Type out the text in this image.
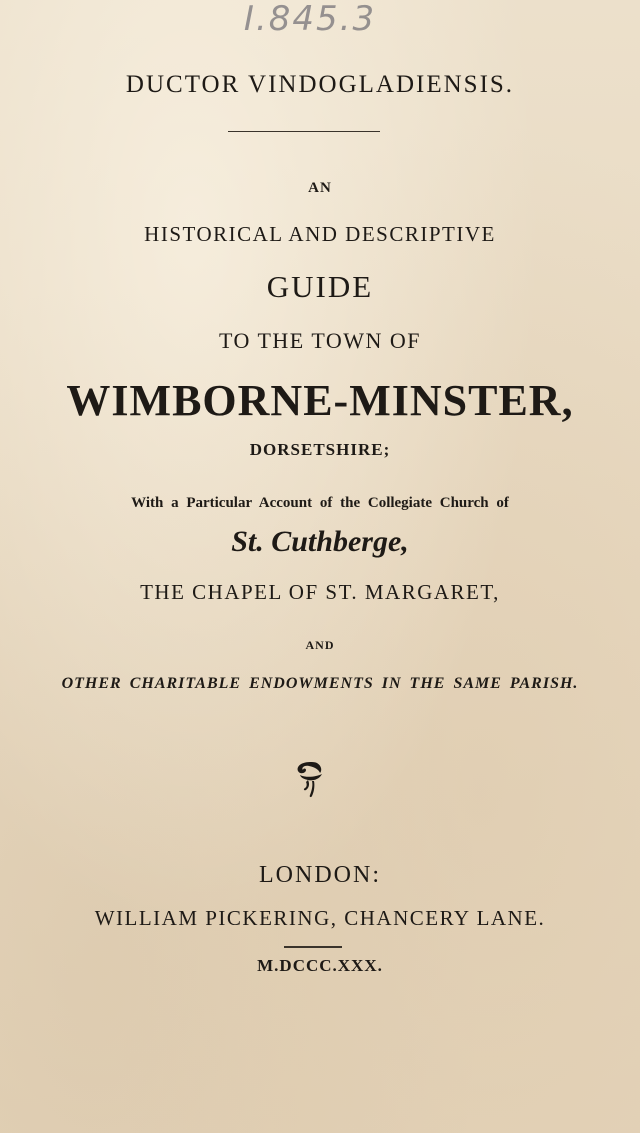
I.845.3
DUCTOR VINDOGLADIENSIS.
AN
HISTORICAL AND DESCRIPTIVE
GUIDE
TO THE TOWN OF
WIMBORNE-MINSTER,
DORSETSHIRE;
With a Particular Account of the Collegiate Church of
St. Cuthberge,
THE CHAPEL OF ST. MARGARET,
AND
OTHER CHARITABLE ENDOWMENTS IN THE SAME PARISH.
LONDON:
WILLIAM PICKERING, CHANCERY LANE.
M.DCCC.XXX.
